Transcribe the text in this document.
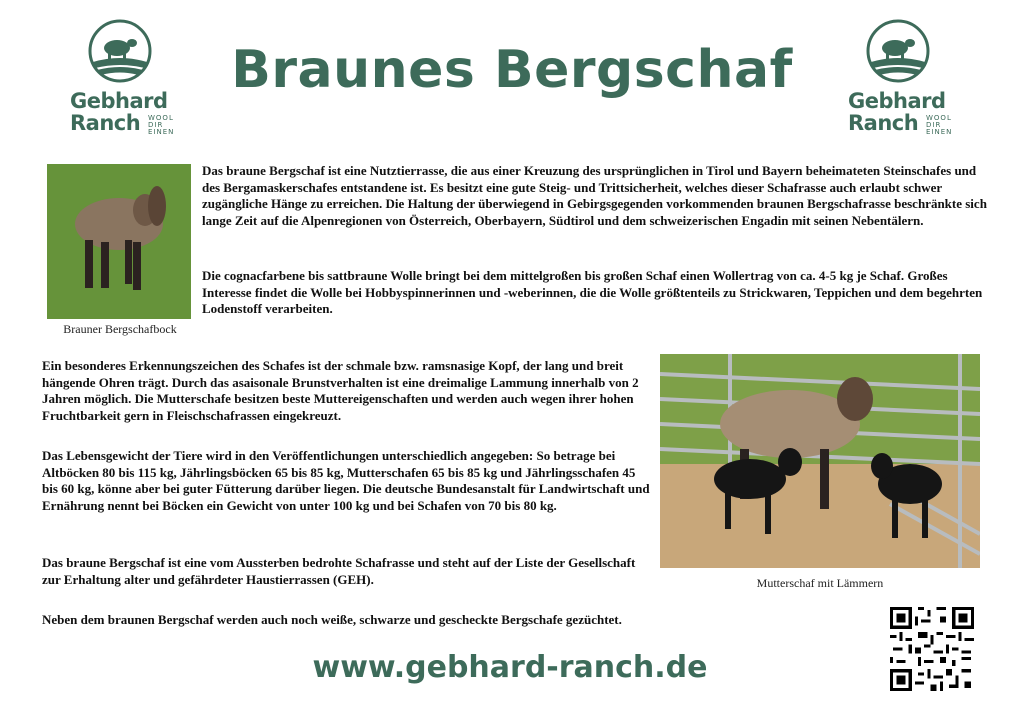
Gebhard
Ranch WOOL DIR EINEN
Gebhard
Ranch WOOL DIR EINEN
Braunes Bergschaf
Brauner Bergschafbock

Das braune Bergschaf ist eine Nutztierrasse, die aus einer Kreuzung des ursprünglichen in Tirol und Bayern beheimateten Steinschafes und des Bergamaskerschafes entstandene ist. Es besitzt eine gute Steig- und Trittsicherheit, welches dieser Schafrasse auch erlaubt schwer zugängliche Hänge zu erreichen. Die Haltung der überwiegend in Gebirgsgegenden vorkommenden braunen Bergschafrasse beschränkte sich lange Zeit auf die Alpenregionen von Österreich, Oberbayern, Südtirol und dem schweizerischen Engadin mit seinen Nebentälern.

Die cognacfarbene bis sattbraune Wolle bringt bei dem mittelgroßen bis großen Schaf einen Wollertrag von ca. 4-5 kg je Schaf. Großes Interesse findet die Wolle bei Hobbyspinnerinnen und -weberinnen, die die Wolle größtenteils zu Strickwaren, Teppichen und dem begehrten Lodenstoff verarbeiten.

Ein besonderes Erkennungszeichen des Schafes ist der schmale bzw. ramsnasige Kopf, der lang und breit hängende Ohren trägt. Durch das asaisonale Brunstverhalten ist eine dreimalige Lammung innerhalb von 2 Jahren möglich. Die Mutterschafe besitzen beste Muttereigenschaften und werden auch wegen ihrer hohen Fruchtbarkeit gern in Fleischschafrassen eingekreuzt.

Das Lebensgewicht der Tiere wird in den Veröffentlichungen unterschiedlich angegeben: So betrage bei Altböcken 80 bis 115 kg, Jährlingsböcken 65 bis 85 kg, Mutterschafen 65 bis 85 kg und Jährlingsschafen 45 bis 60 kg, könne aber bei guter Fütterung darüber liegen. Die deutsche Bundesanstalt für Landwirtschaft und Ernährung nennt bei Böcken ein Gewicht von unter 100 kg und bei Schafen von 70 bis 80 kg.

Das braune Bergschaf ist eine vom Aussterben bedrohte Schafrasse und steht auf der Liste der Gesellschaft zur Erhaltung alter und gefährdeter Haustierrassen (GEH).

Neben dem braunen Bergschaf werden auch noch weiße, schwarze und gescheckte Bergschafe gezüchtet.

Mutterschaf mit Lämmern
www.gebhard-ranch.de
